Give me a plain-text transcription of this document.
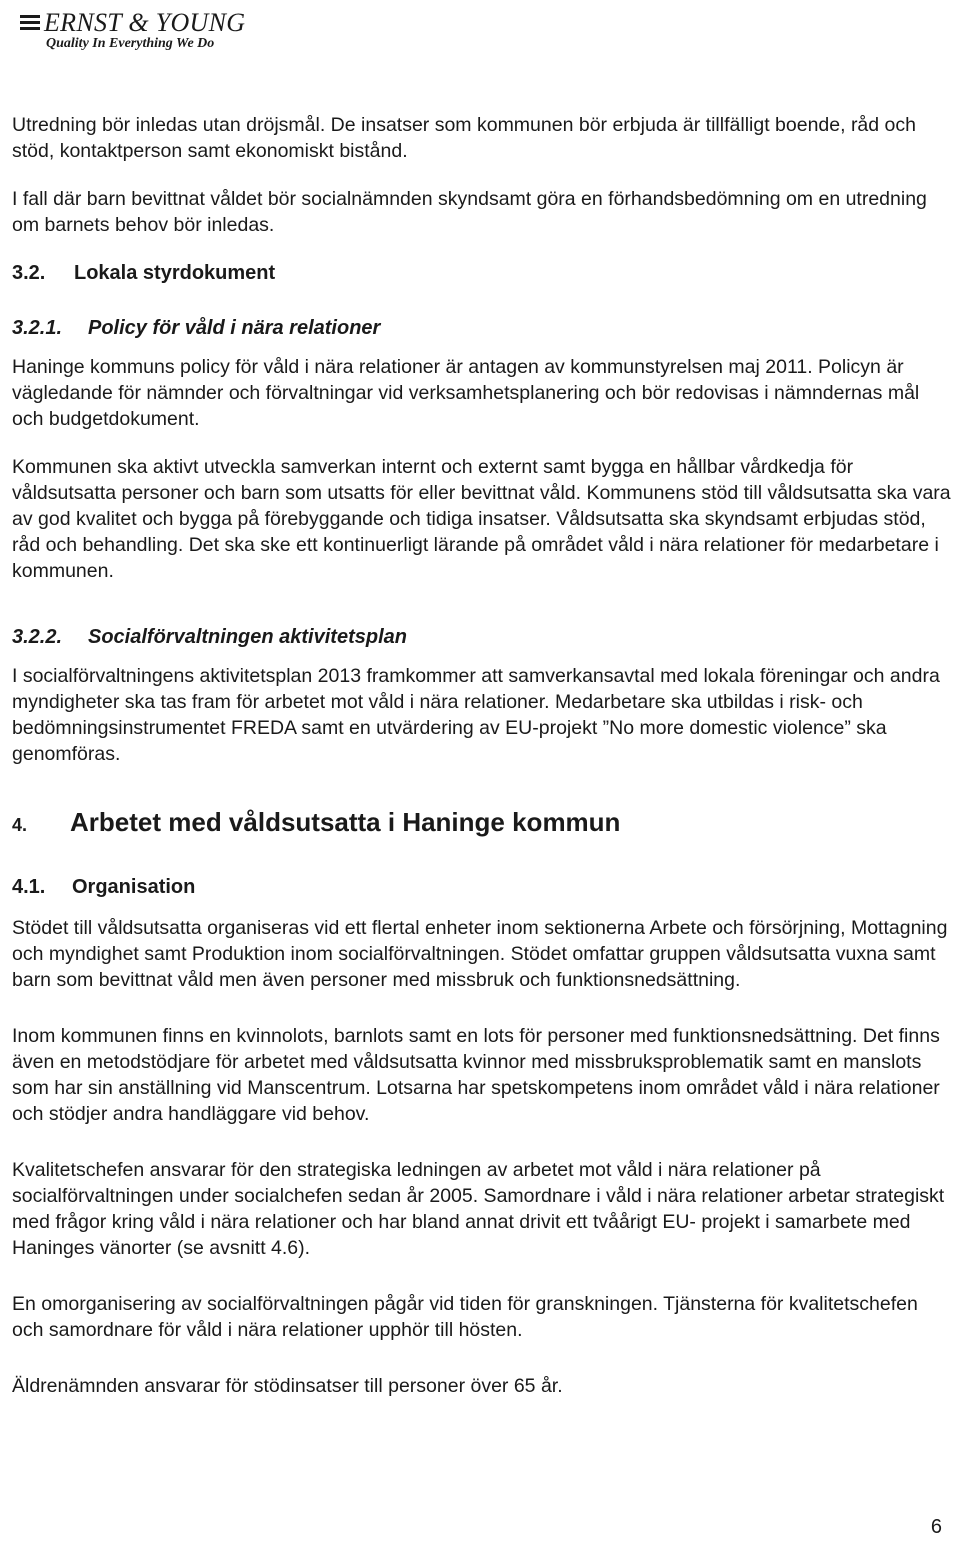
ERNST & YOUNG
Quality In Everything We Do

Utredning bör inledas utan dröjsmål. De insatser som kommunen bör erbjuda är tillfälligt boende, råd och stöd, kontaktperson samt ekonomiskt bistånd.

I fall där barn bevittnat våldet bör socialnämnden skyndsamt göra en förhandsbedömning om en utredning om barnets behov bör inledas.

3.2. Lokala styrdokument
3.2.1. Policy för våld i nära relationer

Haninge kommuns policy för våld i nära relationer är antagen av kommunstyrelsen maj 2011. Policyn är vägledande för nämnder och förvaltningar vid verksamhetsplanering och bör redovisas i nämndernas mål och budgetdokument.

Kommunen ska aktivt utveckla samverkan internt och externt samt bygga en hållbar vårdkedja för våldsutsatta personer och barn som utsatts för eller bevittnat våld. Kommunens stöd till våldsutsatta ska vara av god kvalitet och bygga på förebyggande och tidiga insatser. Våldsutsatta ska skyndsamt erbjudas stöd, råd och behandling. Det ska ske ett kontinuerligt lärande på området våld i nära relationer för medarbetare i kommunen.

3.2.2. Socialförvaltningen aktivitetsplan

I socialförvaltningens aktivitetsplan 2013 framkommer att samverkansavtal med lokala föreningar och andra myndigheter ska tas fram för arbetet mot våld i nära relationer. Medarbetare ska utbildas i risk- och bedömningsinstrumentet FREDA samt en utvärdering av EU-projekt ”No more domestic violence” ska genomföras.

4.	Arbetet med våldsutsatta i Haninge kommun
4.1. Organisation

Stödet till våldsutsatta organiseras vid ett flertal enheter inom sektionerna Arbete och försörjning, Mottagning och myndighet samt Produktion inom socialförvaltningen. Stödet omfattar gruppen våldsutsatta vuxna samt barn som bevittnat våld men även personer med missbruk och funktionsnedsättning.

Inom kommunen finns en kvinnolots, barnlots samt en lots för personer med funktionsnedsättning. Det finns även en metodstödjare för arbetet med våldsutsatta kvinnor med missbruksproblematik samt en manslots som har sin anställning vid Manscentrum. Lotsarna har spetskompetens inom området våld i nära relationer och stödjer andra handläggare vid behov.

Kvalitetschefen ansvarar för den strategiska ledningen av arbetet mot våld i nära relationer på socialförvaltningen under socialchefen sedan år 2005. Samordnare i våld i nära relationer arbetar strategiskt med frågor kring våld i nära relationer och har bland annat drivit ett tvåårigt EU- projekt i samarbete med Haninges vänorter (se avsnitt 4.6).

En omorganisering av socialförvaltningen pågår vid tiden för granskningen. Tjänsterna för kvalitetschefen och samordnare för våld i nära relationer upphör till hösten.

Äldrenämnden ansvarar för stödinsatser till personer över 65 år.

6
